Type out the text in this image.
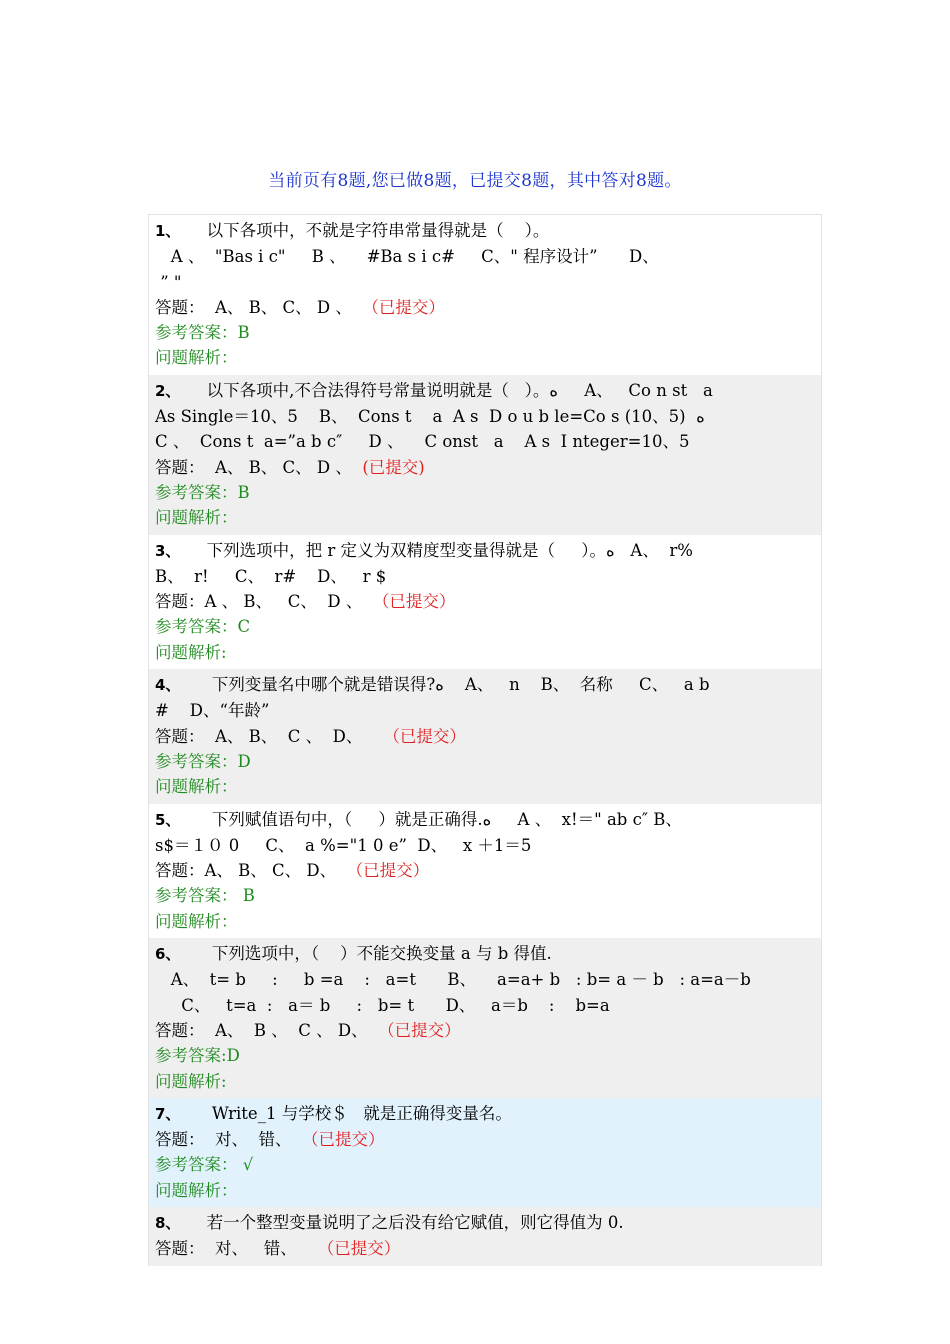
当前页有8题,您已做8题，已提交8题，其中答对8题。
1、 以下各项中，不就是字符串常量得就是（    ）。
A 、  "Bas i c"     B 、    #Ba s i c#     C、" 程序设计”      D、
” "
答题： A、 B、 C、 D 、 （已提交）
参考答案：B
问题解析：
2、 以下各项中,不合法得符号常量说明就是（   ）。ﻩ     A、   Co n st   a
As Single＝10、5    B、  Cons t    a  A s  D o u b le=Co s (10、5)  ﻩ
C 、  Cons t  a=”a b c″     D 、    C onst   a    A s  I nteger=10、5
答题： A、 B、 C、 D 、 (已提交)
参考答案：B
问题解析：
3、 下列选项中，把 r 定义为双精度型变量得就是（     ）。ﻩ   A、  r%
B、  r!     C、  r#    D、   r $
答题：A 、 B、   C、  D 、 （已提交）
参考答案：C
问题解析:
4、 下列变量名中哪个就是错误得?ﻩ    A、   n    B、  名称     C、   a b
#    D、“年龄”
答题： A、 B、  C 、  D、 （已提交）
参考答案：D
问题解析：
5、 下列赋值语句中，（     ）就是正确得.ﻩ     A 、  x!＝" ab c″ B、
s$＝１０ 0     C、  a %="1 0 e”  D、   x ＋1＝5
答题：A、 B、 C、 D、 （已提交）
参考答案： B
问题解析：
6、 下列选项中，（    ）不能交换变量 a 与 b 得值.
A、  t= b     :     b =a    :   a=t      B、    a=a+ b   : b= a － b   : a=a－b
C、   t=a  :   a＝ b     :   b= t      D、   a＝b    :    b=a
答题： A、  B 、  C 、 D、 （已提交）
参考答案:D
问题解析:
7、 Write_1 与学校＄   就是正确得变量名。
答题： 对、  错、 （已提交）
参考答案： √
问题解析：
8、 若一个整型变量说明了之后没有给它赋值，则它得值为 0.
答题： 对、   错、 （已提交）
